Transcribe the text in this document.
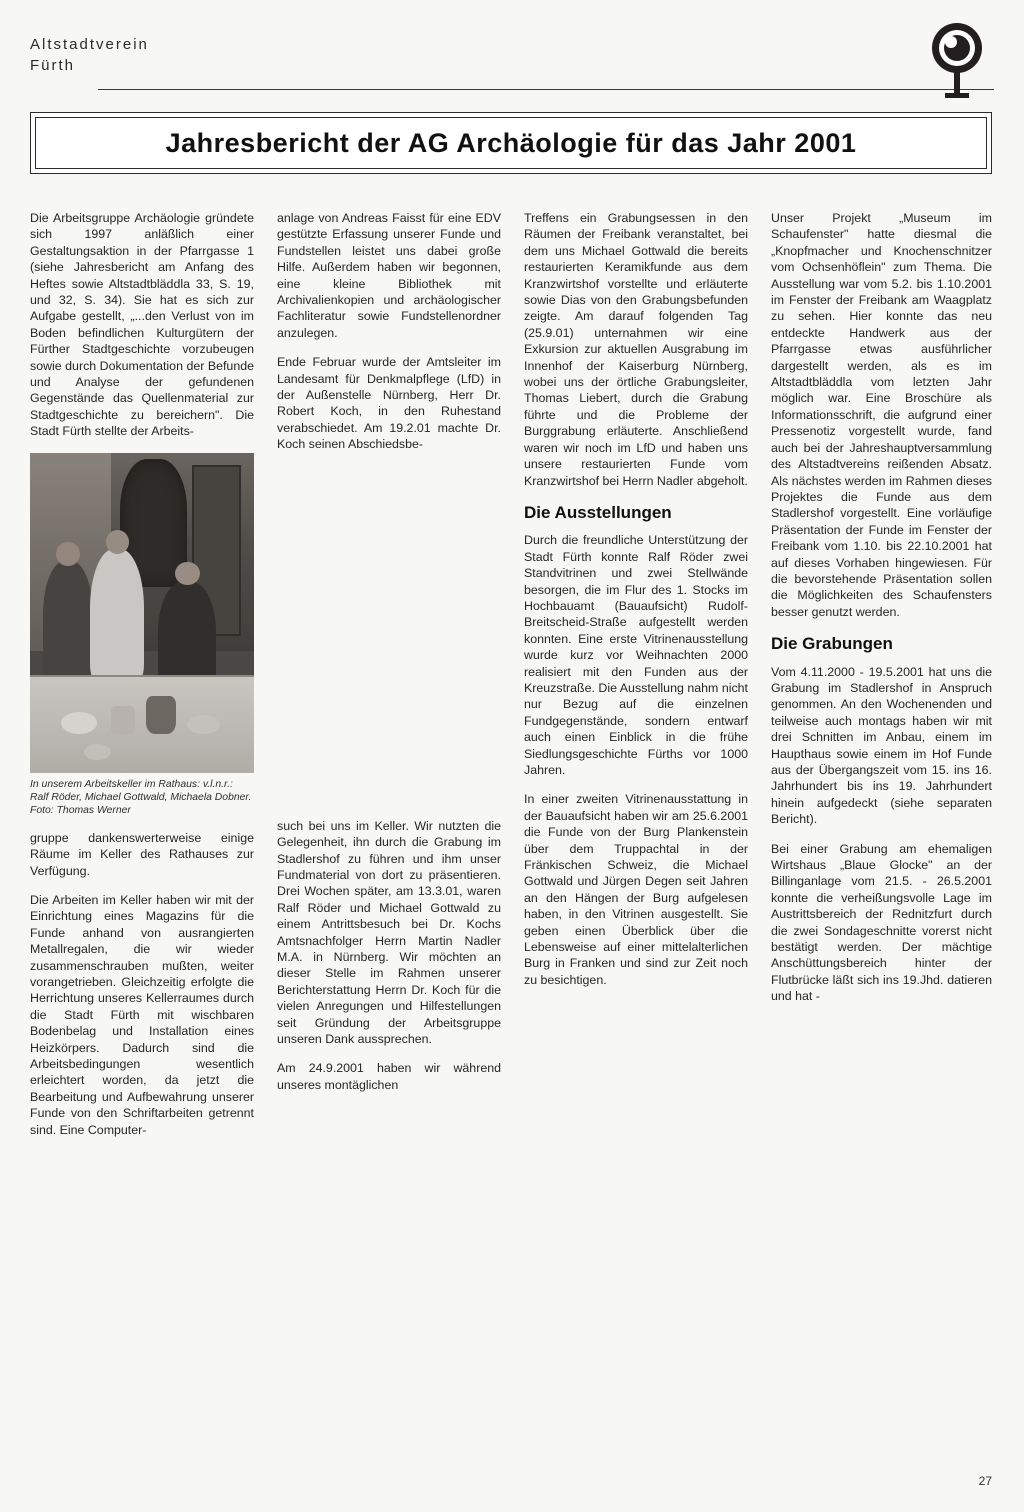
Altstadtverein
Fürth
Jahresbericht der AG Archäologie für das Jahr 2001

Die Arbeitsgruppe Archäologie gründete sich 1997 anläßlich einer Gestaltungsaktion in der Pfarrgasse 1 (siehe Jahresbericht am Anfang des Heftes sowie Altstadtbläddla 33, S. 19, und 32, S. 34). Sie hat es sich zur Aufgabe gestellt, „...den Verlust von im Boden befindlichen Kulturgütern der Fürther Stadtgeschichte vorzubeugen sowie durch Dokumentation der Befunde und Analyse der gefundenen Gegenstände das Quellenmaterial zur Stadtgeschichte zu bereichern". Die Stadt Fürth stellte der Arbeits-

In unserem Arbeitskeller im Rathaus: v.l.n.r.: Ralf Röder, Michael Gottwald, Michaela Dobner. Foto: Thomas Werner

gruppe dankenswerterweise einige Räume im Keller des Rathauses zur Verfügung.

Die Arbeiten im Keller haben wir mit der Einrichtung eines Magazins für die Funde anhand von ausrangierten Metallregalen, die wir wieder zusammenschrauben mußten, weiter vorangetrieben. Gleichzeitig erfolgte die Herrichtung unseres Kellerraumes durch die Stadt Fürth mit wischbaren Bodenbelag und Installation eines Heizkörpers. Dadurch sind die Arbeitsbedingungen wesentlich erleichtert worden, da jetzt die Bearbeitung und Aufbewahrung unserer Funde von den Schriftarbeiten getrennt sind. Eine Computer-

anlage von Andreas Faisst für eine EDV gestützte Erfassung unserer Funde und Fundstellen leistet uns dabei große Hilfe. Außerdem haben wir begonnen, eine kleine Bibliothek mit Archivalienkopien und archäologischer Fachliteratur sowie Fundstellenordner anzulegen.

Ende Februar wurde der Amtsleiter im Landesamt für Denkmalpflege (LfD) in der Außenstelle Nürnberg, Herr Dr. Robert Koch, in den Ruhestand verabschiedet. Am 19.2.01 machte Dr. Koch seinen Abschiedsbe-

such bei uns im Keller. Wir nutzten die Gelegenheit, ihn durch die Grabung im Stadlershof zu führen und ihm unser Fundmaterial von dort zu präsentieren. Drei Wochen später, am 13.3.01, waren Ralf Röder und Michael Gottwald zu einem Antrittsbesuch bei Dr. Kochs Amtsnachfolger Herrn Martin Nadler M.A. in Nürnberg. Wir möchten an dieser Stelle im Rahmen unserer Berichterstattung Herrn Dr. Koch für die vielen Anregungen und Hilfestellungen seit Gründung der Arbeitsgruppe unseren Dank aussprechen.

Am 24.9.2001 haben wir während unseres montäglichen

Treffens ein Grabungsessen in den Räumen der Freibank veranstaltet, bei dem uns Michael Gottwald die bereits restaurierten Keramikfunde aus dem Kranzwirtshof vorstellte und erläuterte sowie Dias von den Grabungsbefunden zeigte. Am darauf folgenden Tag (25.9.01) unternahmen wir eine Exkursion zur aktuellen Ausgrabung im Innenhof der Kaiserburg Nürnberg, wobei uns der örtliche Grabungsleiter, Thomas Liebert, durch die Grabung führte und die Probleme der Burggrabung erläuterte. Anschließend waren wir noch im LfD und haben uns unsere restaurierten Funde vom Kranzwirtshof bei Herrn Nadler abgeholt.

Die Ausstellungen

Durch die freundliche Unterstützung der Stadt Fürth konnte Ralf Röder zwei Standvitrinen und zwei Stellwände besorgen, die im Flur des 1. Stocks im Hochbauamt (Bauaufsicht) Rudolf-Breitscheid-Straße aufgestellt werden konnten. Eine erste Vitrinenausstellung wurde kurz vor Weihnachten 2000 realisiert mit den Funden aus der Kreuzstraße. Die Ausstellung nahm nicht nur Bezug auf die einzelnen Fundgegenstände, sondern entwarf auch einen Einblick in die frühe Siedlungsgeschichte Fürths vor 1000 Jahren.

In einer zweiten Vitrinenausstattung in der Bauaufsicht haben wir am 25.6.2001 die Funde von der Burg Plankenstein über dem Truppachtal in der Fränkischen Schweiz, die Michael Gottwald und Jürgen Degen seit Jahren an den Hängen der Burg aufgelesen haben, in den Vitrinen ausgestellt. Sie geben einen Überblick über die Lebensweise auf einer mittelalterlichen Burg in Franken und sind zur Zeit noch zu besichtigen.

Unser Projekt „Museum im Schaufenster" hatte diesmal die „Knopfmacher und Knochenschnitzer vom Ochsenhöflein" zum Thema. Die Ausstellung war vom 5.2. bis 1.10.2001 im Fenster der Freibank am Waagplatz zu sehen. Hier konnte das neu entdeckte Handwerk aus der Pfarrgasse etwas ausführlicher dargestellt werden, als es im Altstadtbläddla vom letzten Jahr möglich war. Eine Broschüre als Informationsschrift, die aufgrund einer Pressenotiz vorgestellt wurde, fand auch bei der Jahreshauptversammlung des Altstadtvereins reißenden Absatz. Als nächstes werden im Rahmen dieses Projektes die Funde aus dem Stadlershof vorgestellt. Eine vorläufige Präsentation der Funde im Fenster der Freibank vom 1.10. bis 22.10.2001 hat auf dieses Vorhaben hingewiesen. Für die bevorstehende Präsentation sollen die Möglichkeiten des Schaufensters besser genutzt werden.

Die Grabungen

Vom 4.11.2000 - 19.5.2001 hat uns die Grabung im Stadlershof in Anspruch genommen. An den Wochenenden und teilweise auch montags haben wir mit drei Schnitten im Anbau, einem im Haupthaus sowie einem im Hof Funde aus der Übergangszeit vom 15. ins 16. Jahrhundert bis ins 19. Jahrhundert hinein aufgedeckt (siehe separaten Bericht).

Bei einer Grabung am ehemaligen Wirtshaus „Blaue Glocke" an der Billinganlage vom 21.5. - 26.5.2001 konnte die verheißungsvolle Lage im Austrittsbereich der Rednitzfurt durch die zwei Sondageschnitte vorerst nicht bestätigt werden. Der mächtige Anschüttungsbereich hinter der Flutbrücke läßt sich ins 19.Jhd. datieren und hat -

27
